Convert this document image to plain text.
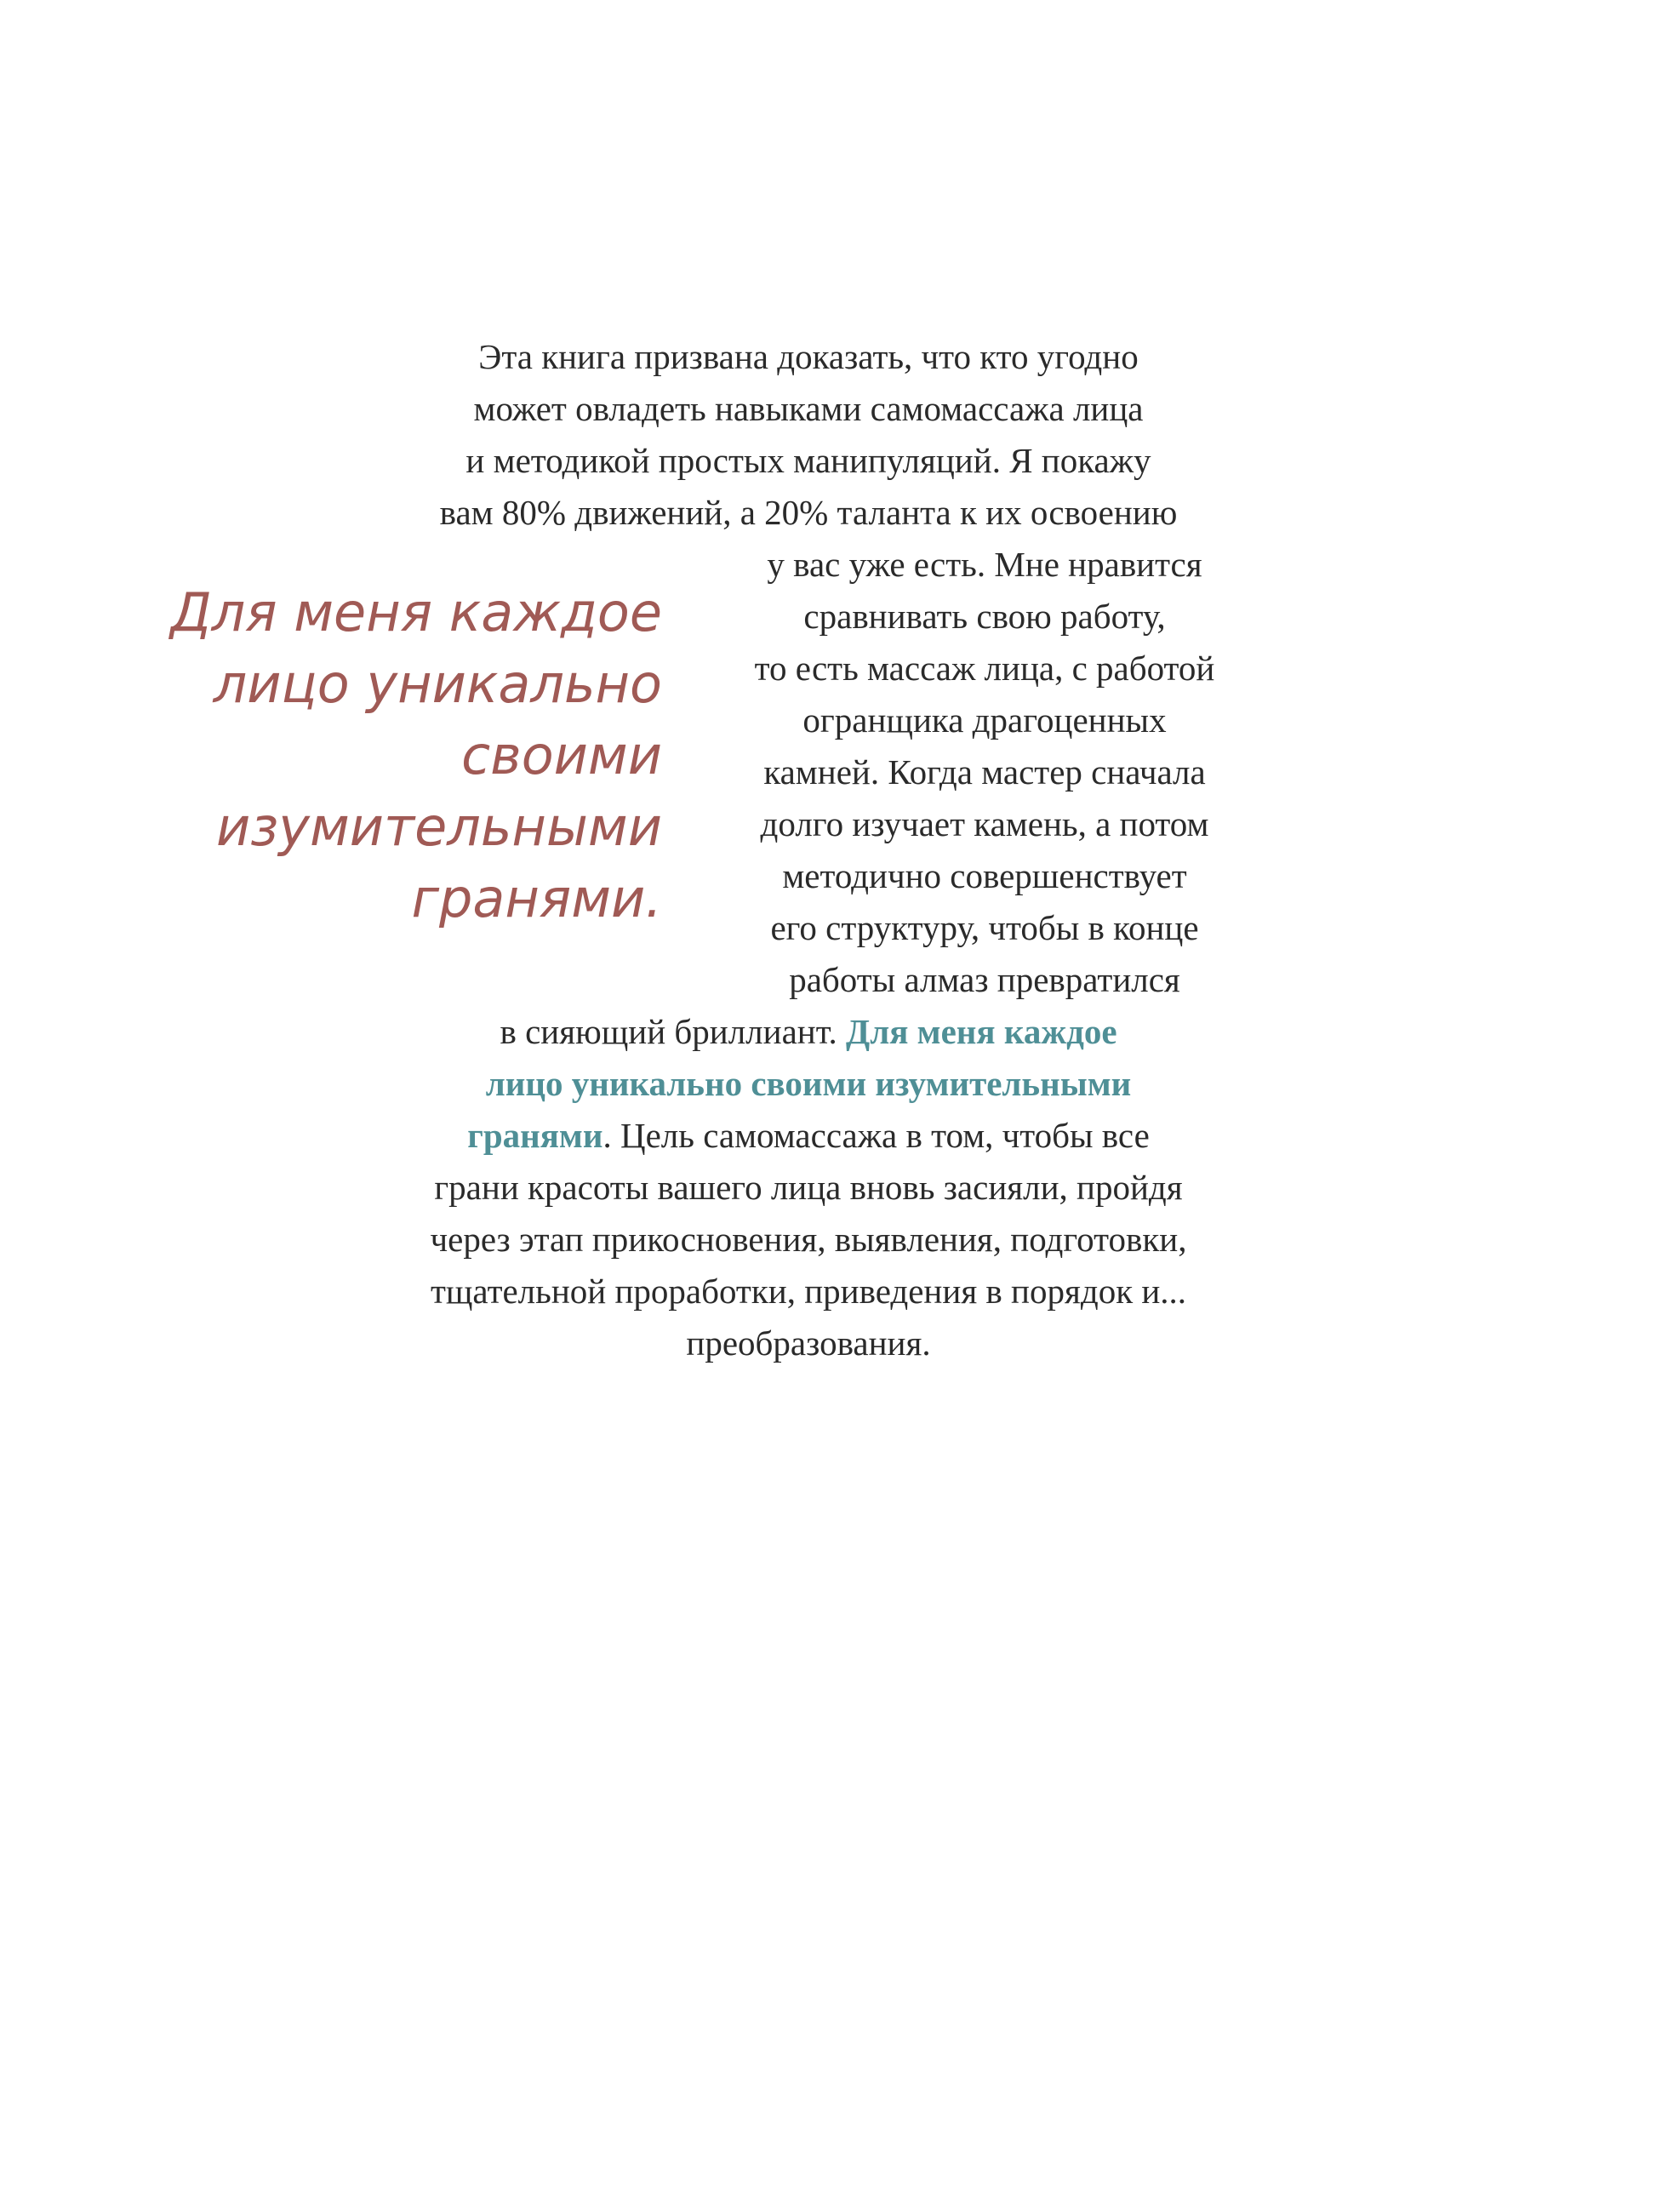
Эта книга призвана доказать, что кто угодно

может овладеть навыками самомассажа лица

и методикой простых манипуляций. Я покажу

вам 80% движений, а 20% таланта к их освоению

у вас уже есть. Мне нравится

сравнивать свою работу,

то есть массаж лица, с работой

огранщика драгоценных

камней. Когда мастер сначала

долго изучает камень, а потом

методично совершенствует

его структуру, чтобы в конце

работы алмаз превратился

в сияющий бриллиант. Для меня каждое

лицо уникально своими изумительными

гранями. Цель самомассажа в том, чтобы все

грани красоты вашего лица вновь засияли, пройдя

через этап прикосновения, выявления, подготовки,

тщательной проработки, приведения в порядок и...

преобразования.

Для меня каждое
лицо уникально
своими
изумительными
гранями.
